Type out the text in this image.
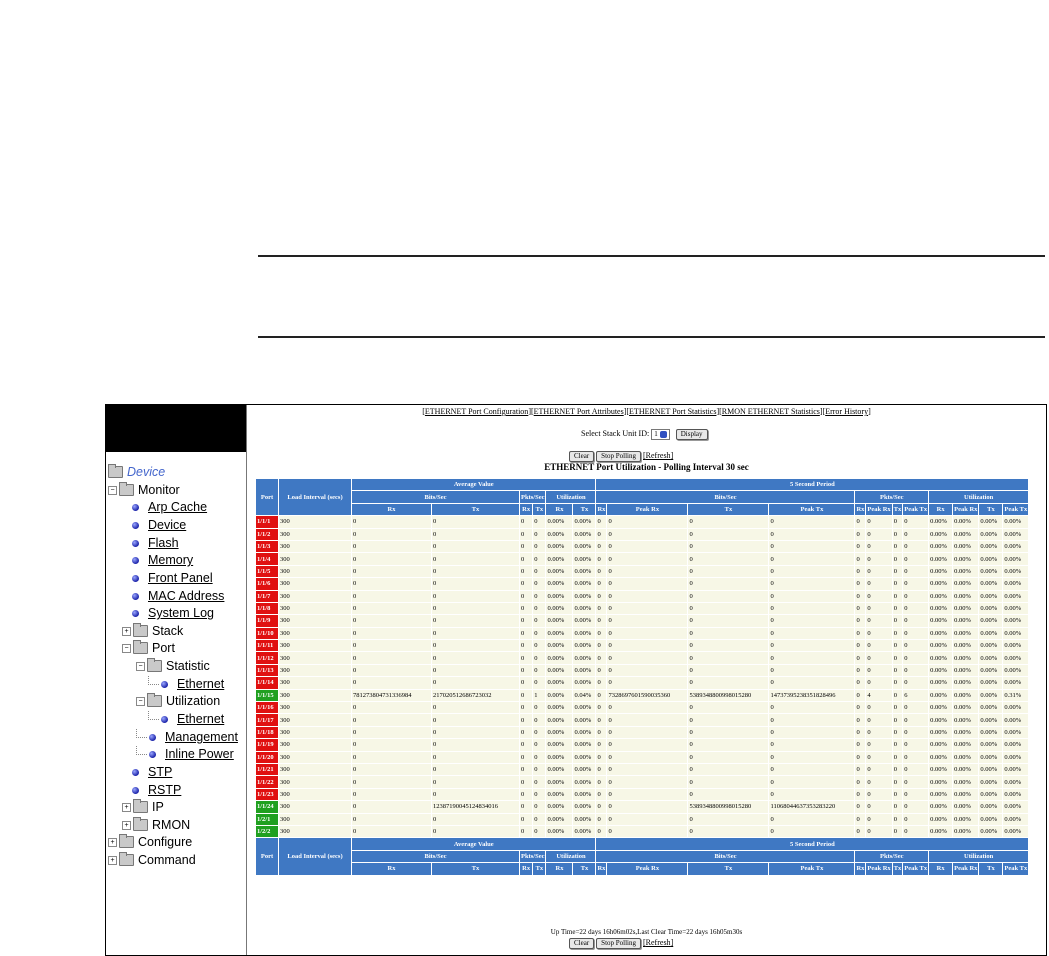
Device
− Monitor
Arp Cache
Device
Flash
Memory
Front Panel
MAC Address
System Log
+ Stack
− Port
− Statistic
Ethernet
− Utilization
Ethernet
Management
Inline Power
STP
RSTP
+ IP
+ RMON
+ Configure
+ Command
[ETHERNET Port Configuration][ETHERNET Port Attributes][ETHERNET Port Statistics][RMON ETHERNET Statistics][Error History]
Select Stack Unit ID: 1	Display
Clear Stop Polling [Refresh]
ETHERNET Port Utilization - Polling Interval 30 sec
Port	Load Interval (secs)	Average Value						5 Second Period											
		Bits/Sec		Pkts/Sec		Utilization		Bits/Sec				Pkts/Sec				Utilization			
		Rx	Tx	Rx	Tx	Rx	Tx	Rx	Peak Rx	Tx	Peak Tx	Rx	Peak Rx	Tx	Peak Tx	Rx	Peak Rx	Tx	Peak Tx
1/1/1	300	0	0	0	0	0.00%	0.00%	0	0	0	0	0	0	0	0	0.00%	0.00%	0.00%	0.00%
1/1/2	300	0	0	0	0	0.00%	0.00%	0	0	0	0	0	0	0	0	0.00%	0.00%	0.00%	0.00%
1/1/3	300	0	0	0	0	0.00%	0.00%	0	0	0	0	0	0	0	0	0.00%	0.00%	0.00%	0.00%
1/1/4	300	0	0	0	0	0.00%	0.00%	0	0	0	0	0	0	0	0	0.00%	0.00%	0.00%	0.00%
1/1/5	300	0	0	0	0	0.00%	0.00%	0	0	0	0	0	0	0	0	0.00%	0.00%	0.00%	0.00%
1/1/6	300	0	0	0	0	0.00%	0.00%	0	0	0	0	0	0	0	0	0.00%	0.00%	0.00%	0.00%
1/1/7	300	0	0	0	0	0.00%	0.00%	0	0	0	0	0	0	0	0	0.00%	0.00%	0.00%	0.00%
1/1/8	300	0	0	0	0	0.00%	0.00%	0	0	0	0	0	0	0	0	0.00%	0.00%	0.00%	0.00%
1/1/9	300	0	0	0	0	0.00%	0.00%	0	0	0	0	0	0	0	0	0.00%	0.00%	0.00%	0.00%
1/1/10	300	0	0	0	0	0.00%	0.00%	0	0	0	0	0	0	0	0	0.00%	0.00%	0.00%	0.00%
1/1/11	300	0	0	0	0	0.00%	0.00%	0	0	0	0	0	0	0	0	0.00%	0.00%	0.00%	0.00%
1/1/12	300	0	0	0	0	0.00%	0.00%	0	0	0	0	0	0	0	0	0.00%	0.00%	0.00%	0.00%
1/1/13	300	0	0	0	0	0.00%	0.00%	0	0	0	0	0	0	0	0	0.00%	0.00%	0.00%	0.00%
1/1/14	300	0	0	0	0	0.00%	0.00%	0	0	0	0	0	0	0	0	0.00%	0.00%	0.00%	0.00%
1/1/15	300	781273804731336984	217020512686723032	0	1	0.00%	0.04%	0	7328697601590035360	5389348800998015280	14737395238351828496	0	4	0	6	0.00%	0.00%	0.00%	0.31%
1/1/16	300	0	0	0	0	0.00%	0.00%	0	0	0	0	0	0	0	0	0.00%	0.00%	0.00%	0.00%
1/1/17	300	0	0	0	0	0.00%	0.00%	0	0	0	0	0	0	0	0	0.00%	0.00%	0.00%	0.00%
1/1/18	300	0	0	0	0	0.00%	0.00%	0	0	0	0	0	0	0	0	0.00%	0.00%	0.00%	0.00%
1/1/19	300	0	0	0	0	0.00%	0.00%	0	0	0	0	0	0	0	0	0.00%	0.00%	0.00%	0.00%
1/1/20	300	0	0	0	0	0.00%	0.00%	0	0	0	0	0	0	0	0	0.00%	0.00%	0.00%	0.00%
1/1/21	300	0	0	0	0	0.00%	0.00%	0	0	0	0	0	0	0	0	0.00%	0.00%	0.00%	0.00%
1/1/22	300	0	0	0	0	0.00%	0.00%	0	0	0	0	0	0	0	0	0.00%	0.00%	0.00%	0.00%
1/1/23	300	0	0	0	0	0.00%	0.00%	0	0	0	0	0	0	0	0	0.00%	0.00%	0.00%	0.00%
1/1/24	300	0	12387190045124834016	0	0	0.00%	0.00%	0	0	5389348800998015280	11068044637353283220	0	0	0	0	0.00%	0.00%	0.00%	0.00%
1/2/1	300	0	0	0	0	0.00%	0.00%	0	0	0	0	0	0	0	0	0.00%	0.00%	0.00%	0.00%
1/2/2	300	0	0	0	0	0.00%	0.00%	0	0	0	0	0	0	0	0	0.00%	0.00%	0.00%	0.00%
Port	Load Interval (secs)	Average Value						5 Second Period											
		Bits/Sec		Pkts/Sec		Utilization		Bits/Sec				Pkts/Sec				Utilization			
		Rx	Tx	Rx	Tx	Rx	Tx	Rx	Peak Rx	Tx	Peak Tx	Rx	Peak Rx	Tx	Peak Tx	Rx	Peak Rx	Tx	Peak Tx
Up Time=22 days 16h06m02s,Last Clear Time=22 days 16h05m30s
Clear Stop Polling [Refresh]
